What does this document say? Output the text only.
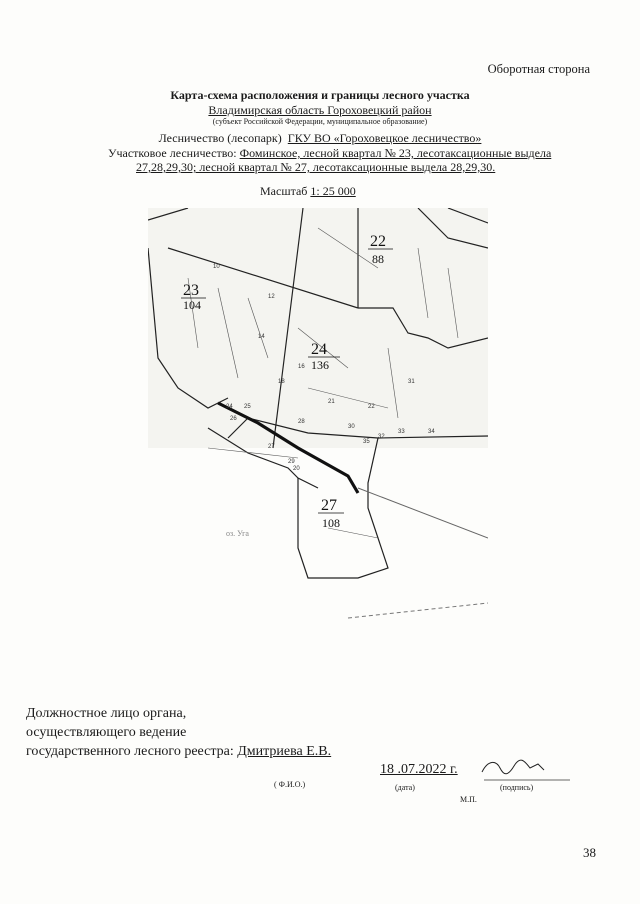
Оборотная сторона
Карта-схема расположения и границы лесного участка
Владимирская область Гороховецкий район
(субъект Российской Федерации, муниципальное образование)
Лесничество (лесопарк) ГКУ ВО «Гороховецкое лесничество»
Участковое лесничество: Фоминское, лесной квартал № 23, лесотаксационные выдела
27,28,29,30; лесной квартал № 27, лесотаксационные выдела 28,29,30.
Масштаб 1: 25 000
23
104
22
88
24
136
27
108
оз. Уга
24 25
26
27
28
29
30
10
12
14
16
18
20
21
22
31
32
33	34
35
Должностное лицо органа,
осуществляющего ведение
государственного лесного реестра: Дмитриева Е.В.
( Ф.И.О.)
18 .07.2022 г.
(дата)	(подпись)
М.П.
38
